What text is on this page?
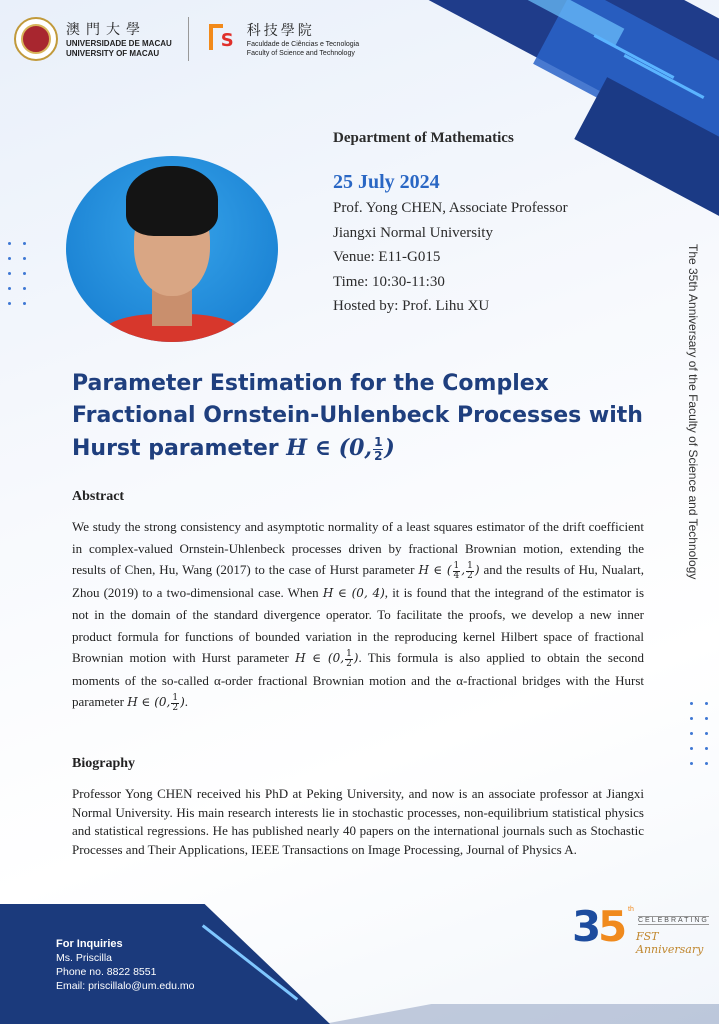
澳門大學
UNIVERSIDADE DE MACAU
UNIVERSITY OF MACAU
S 科技學院
Faculdade de Ciências e Tecnologia
Faculty of Science and Technology
Department of Mathematics
25 July 2024
Prof. Yong CHEN, Associate Professor
Jiangxi Normal University
Venue: E11-G015
Time: 10:30-11:30
Hosted by: Prof. Lihu XU	The 35th Anniversary of the Faculty of Science and Technology
Parameter Estimation for the Complex
Fractional Ornstein-Uhlenbeck Processes with
Hurst parameter H ∈ (0, $\frac{1}{2}$ )
Abstract
We study the strong consistency and asymptotic normality of a least squares estimator of the drift coefficient in complex-valued Ornstein-Uhlenbeck processes driven by fractional Brownian motion, extending the results of Chen, Hu, Wang (2017) to the case of Hurst parameter H ∈ ( $\frac{1}{4}$ , $\frac{1}{2}$ ) and the results of Hu, Nualart, Zhou (2019) to a two-dimensional case. When H ∈ (0, 4), it is found that the integrand of the estimator is not in the domain of the standard divergence operator. To facilitate the proofs, we develop a new inner product formula for functions of bounded variation in the reproducing kernel Hilbert space of fractional Brownian motion with Hurst parameter H ∈ (0, $\frac{1}{2}$ ). This formula is also applied to obtain the second moments of the so-called α-order fractional Brownian motion and the α-fractional bridges with the Hurst parameter H ∈ (0, $\frac{1}{2}$ ).
Biography
Professor Yong CHEN received his PhD at Peking University, and now is an associate professor at Jiangxi Normal University. His main research interests lie in stochastic processes, non-equilibrium statistical physics and statistical regressions. He has published nearly 40 papers on the international journals such as Stochastic Processes and Their Applications, IEEE Transactions on Image Processing, Journal of Physics A.
For Inquiries
Ms. Priscilla
Phone no. 8822 8551
Email: priscillalo@um.edu.mo
3
5 th
CELEBRATING
FST Anniversary
